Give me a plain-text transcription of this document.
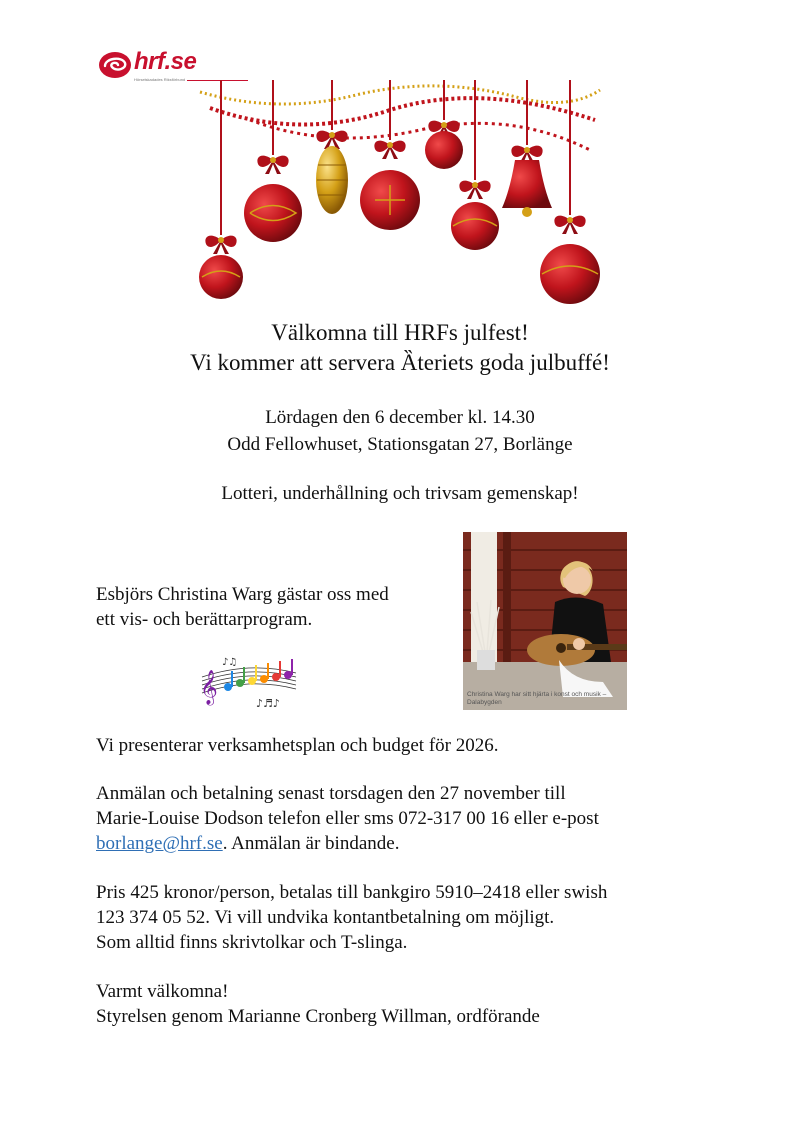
hrf.se
Hörselskadades Riksförbund
Välkomna till HRFs julfest!
Vi kommer att servera Ȁteriets goda julbuffé!
Lördagen den 6 december kl. 14.30
Odd Fellowhuset, Stationsgatan 27, Borlänge
Lotteri, underhållning och trivsam gemenskap!
Esbjörs Christina Warg gästar oss med
ett vis- och berättarprogram.
𝄞
♪♫
♪♬♪
Christina Warg har sitt hjärta i konst och musik – Dalabygden
Vi presenterar verksamhetsplan och budget för 2026.
Anmälan och betalning senast torsdagen den 27 november till
Marie-Louise Dodson telefon eller sms 072-317 00 16 eller e-post
borlange@hrf.se. Anmälan är bindande.
Pris 425 kronor/person, betalas till bankgiro 5910–2418 eller swish
123 374 05 52. Vi vill undvika kontantbetalning om möjligt.
Som alltid finns skrivtolkar och T-slinga.
Varmt välkomna!
Styrelsen genom Marianne Cronberg Willman, ordförande
